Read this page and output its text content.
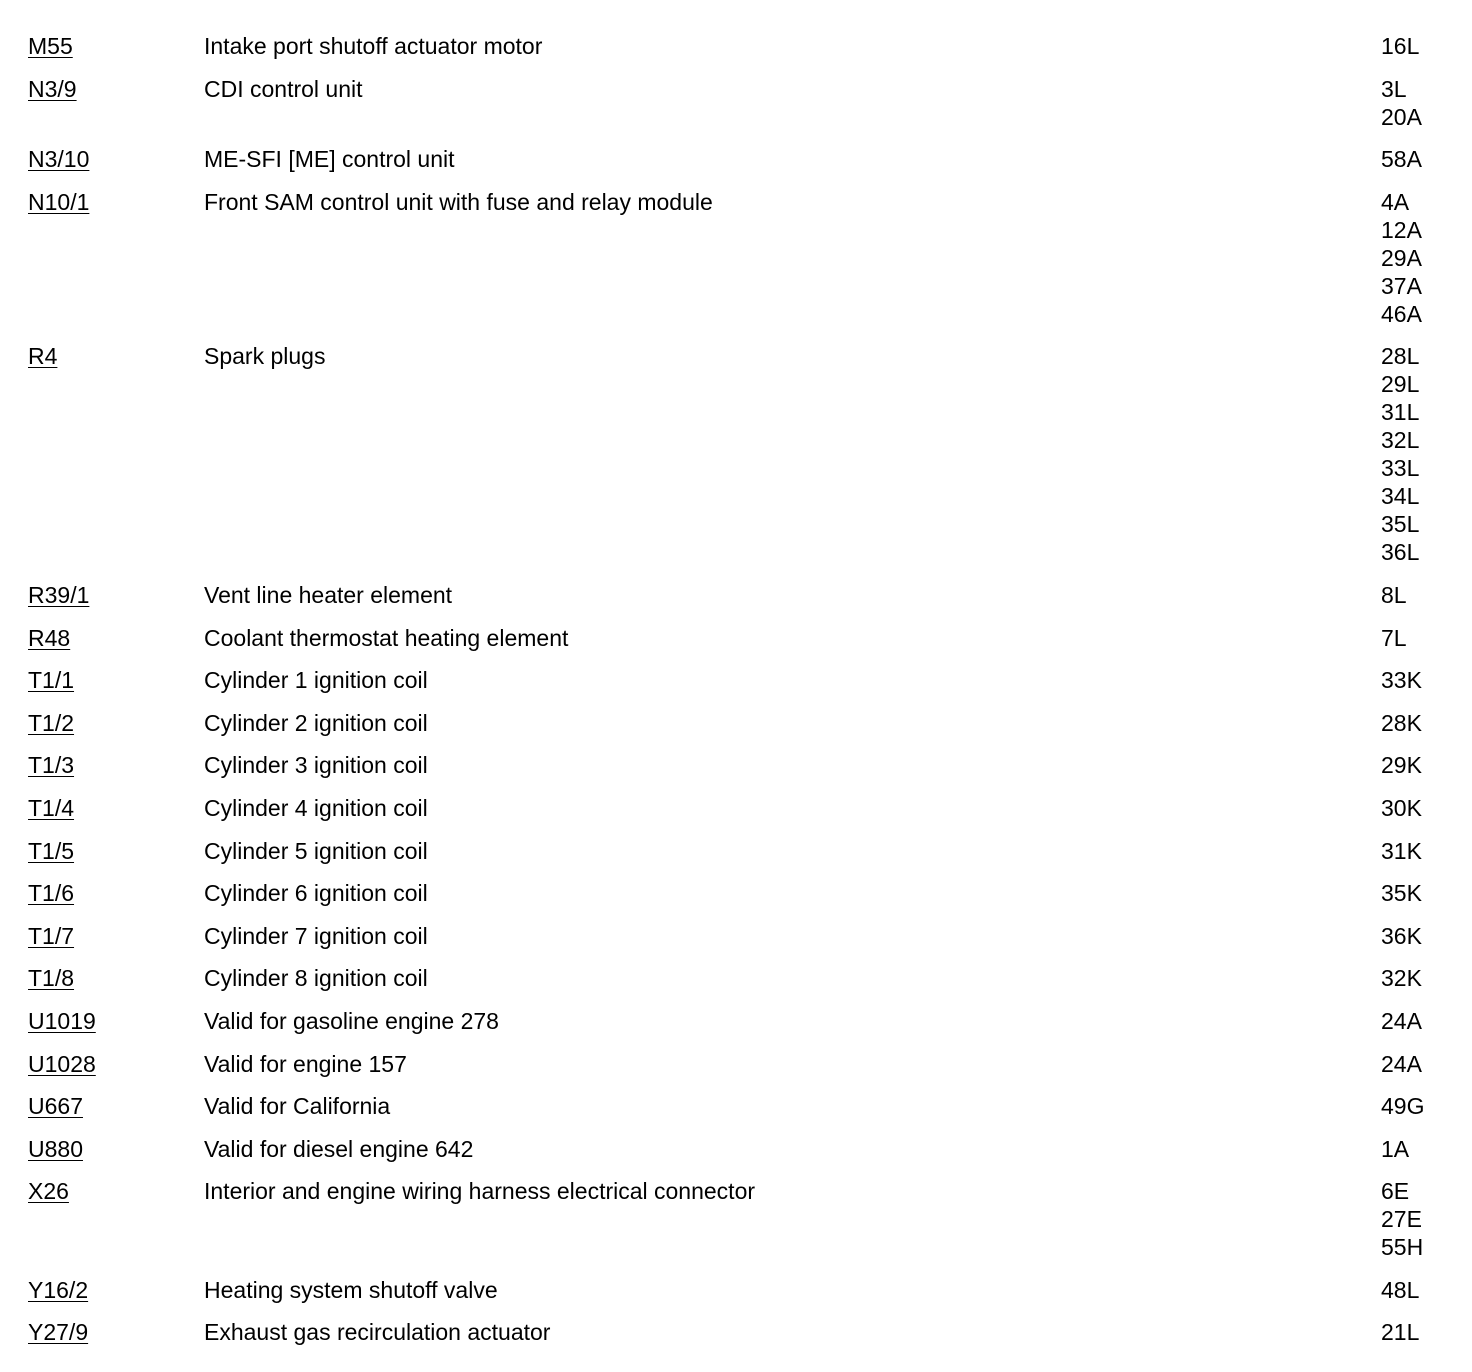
M55	Intake port shutoff actuator motor	16L
N3/9	CDI control unit	3L
20A
N3/10	ME-SFI [ME] control unit	58A
N10/1	Front SAM control unit with fuse and relay module	4A
12A
29A
37A
46A
R4	Spark plugs	28L
29L
31L
32L
33L
34L
35L
36L
R39/1	Vent line heater element	8L
R48	Coolant thermostat heating element	7L
T1/1	Cylinder 1 ignition coil	33K
T1/2	Cylinder 2 ignition coil	28K
T1/3	Cylinder 3 ignition coil	29K
T1/4	Cylinder 4 ignition coil	30K
T1/5	Cylinder 5 ignition coil	31K
T1/6	Cylinder 6 ignition coil	35K
T1/7	Cylinder 7 ignition coil	36K
T1/8	Cylinder 8 ignition coil	32K
U1019	Valid for gasoline engine 278	24A
U1028	Valid for engine 157	24A
U667	Valid for California	49G
U880	Valid for diesel engine 642	1A
X26	Interior and engine wiring harness electrical connector	6E
27E
55H
Y16/2	Heating system shutoff valve	48L
Y27/9	Exhaust gas recirculation actuator	21L
